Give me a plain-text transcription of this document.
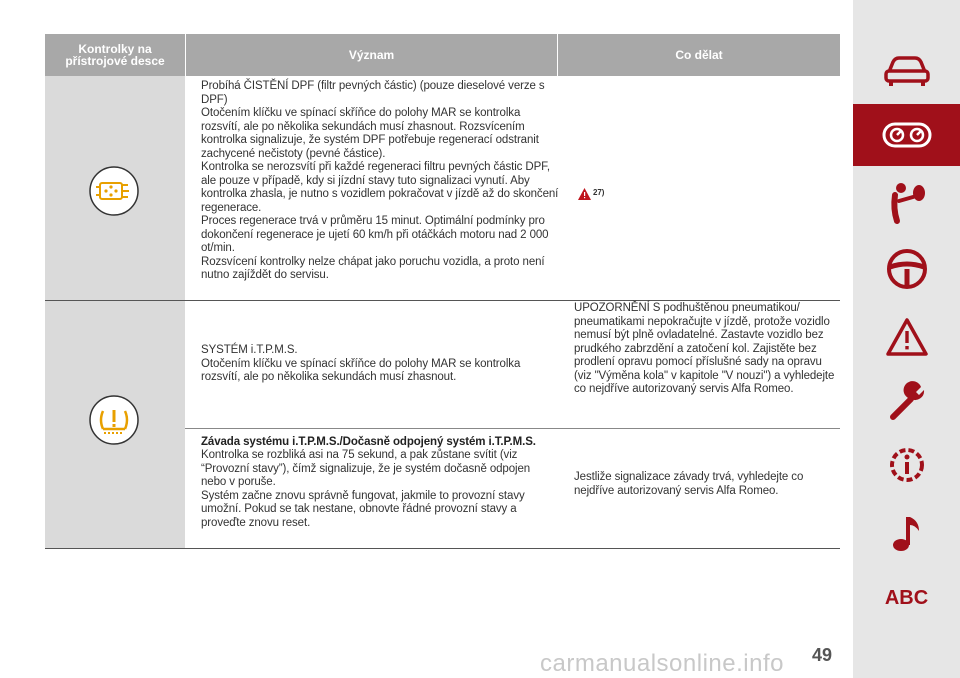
Kontrolky na přístrojové desce	Význam	Co dělat
Probíhá ČISTĚNÍ DPF (filtr pevných částic) (pouze dieselové verze s DPF)
Otočením klíčku ve spínací skříňce do polohy MAR se kontrolka rozsvítí, ale po několika sekundách musí zhasnout. Rozsvícením kontrolka signalizuje, že systém DPF potřebuje regenerací odstranit zachycené nečistoty (pevné částice).
Kontrolka se nerozsvítí při každé regeneraci filtru pevných částic DPF, ale pouze v případě, kdy si jízdní stavy tuto signalizaci vynutí. Aby kontrolka zhasla, je nutno s vozidlem pokračovat v jízdě až do skončení regenerace.
Proces regenerace trvá v průměru 15 minut. Optimální podmínky pro dokončení regenerace je ujetí 60 km/h při otáčkách motoru nad 2 000 ot/min.
Rozsvícení kontrolky nelze chápat jako poruchu vozidla, a proto není nutno zajíždět do servisu.
27)
SYSTÉM i.T.P.M.S.
Otočením klíčku ve spínací skříňce do polohy MAR se kontrolka rozsvítí, ale po několika sekundách musí zhasnout.
UPOZORNĚNÍ S podhuštěnou pneumatikou/ pneumatikami nepokračujte v jízdě, protože vozidlo nemusí být plně ovladatelné. Zastavte vozidlo bez prudkého zabrzdění a zatočení kol. Zajistěte bez prodlení opravu pomocí příslušné sady na opravu (viz "Výměna kola" v kapitole "V nouzi") a vyhledejte co nejdříve autorizovaný servis Alfa Romeo.
Závada systému i.T.P.M.S./Dočasně odpojený systém i.T.P.M.S.
Kontrolka se rozbliká asi na 75 sekund, a pak zůstane svítit (viz “Provozní stavy”), čímž signalizuje, že je systém dočasně odpojen nebo v poruše.
Systém začne znovu správně fungovat, jakmile to provozní stavy umožní. Pokud se tak nestane, obnovte řádné provozní stavy a proveďte znovu reset.
Jestliže signalizace závady trvá, vyhledejte co nejdříve autorizovaný servis Alfa Romeo.
ABC
carmanualsonline.info 49
